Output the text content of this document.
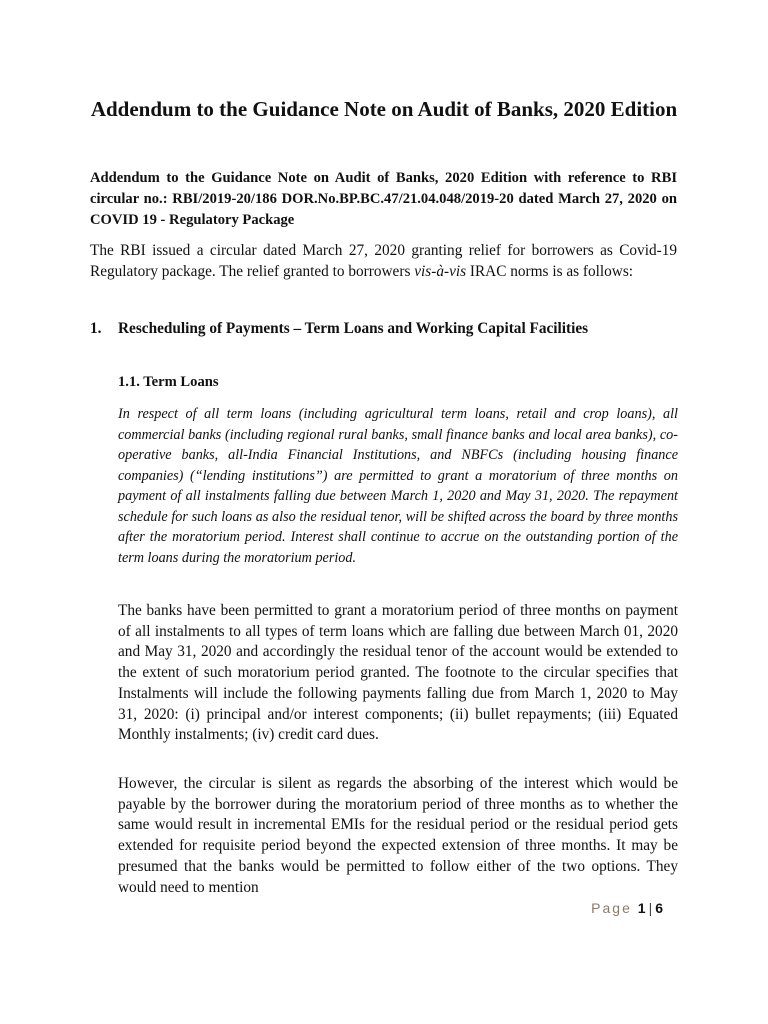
Addendum to the Guidance Note on Audit of Banks, 2020 Edition

Addendum to the Guidance Note on Audit of Banks, 2020 Edition with reference to RBI circular no.: RBI/2019-20/186 DOR.No.BP.BC.47/21.04.048/2019-20 dated March 27, 2020 on COVID 19 - Regulatory Package

The RBI issued a circular dated March 27, 2020 granting relief for borrowers as Covid-19 Regulatory package. The relief granted to borrowers vis-à-vis IRAC norms is as follows:

1. Rescheduling of Payments – Term Loans and Working Capital Facilities

1.1. Term Loans

In respect of all term loans (including agricultural term loans, retail and crop loans), all commercial banks (including regional rural banks, small finance banks and local area banks), co-operative banks, all-India Financial Institutions, and NBFCs (including housing finance companies) (“lending institutions”) are permitted to grant a moratorium of three months on payment of all instalments falling due between March 1, 2020 and May 31, 2020. The repayment schedule for such loans as also the residual tenor, will be shifted across the board by three months after the moratorium period. Interest shall continue to accrue on the outstanding portion of the term loans during the moratorium period.

The banks have been permitted to grant a moratorium period of three months on payment of all instalments to all types of term loans which are falling due between March 01, 2020 and May 31, 2020 and accordingly the residual tenor of the account would be extended to the extent of such moratorium period granted. The footnote to the circular specifies that Instalments will include the following payments falling due from March 1, 2020 to May 31, 2020: (i) principal and/or interest components; (ii) bullet repayments; (iii) Equated Monthly instalments; (iv) credit card dues.

However, the circular is silent as regards the absorbing of the interest which would be payable by the borrower during the moratorium period of three months as to whether the same would result in incremental EMIs for the residual period or the residual period gets extended for requisite period beyond the expected extension of three months. It may be presumed that the banks would be permitted to follow either of the two options. They would need to mention

Page 1 | 6
